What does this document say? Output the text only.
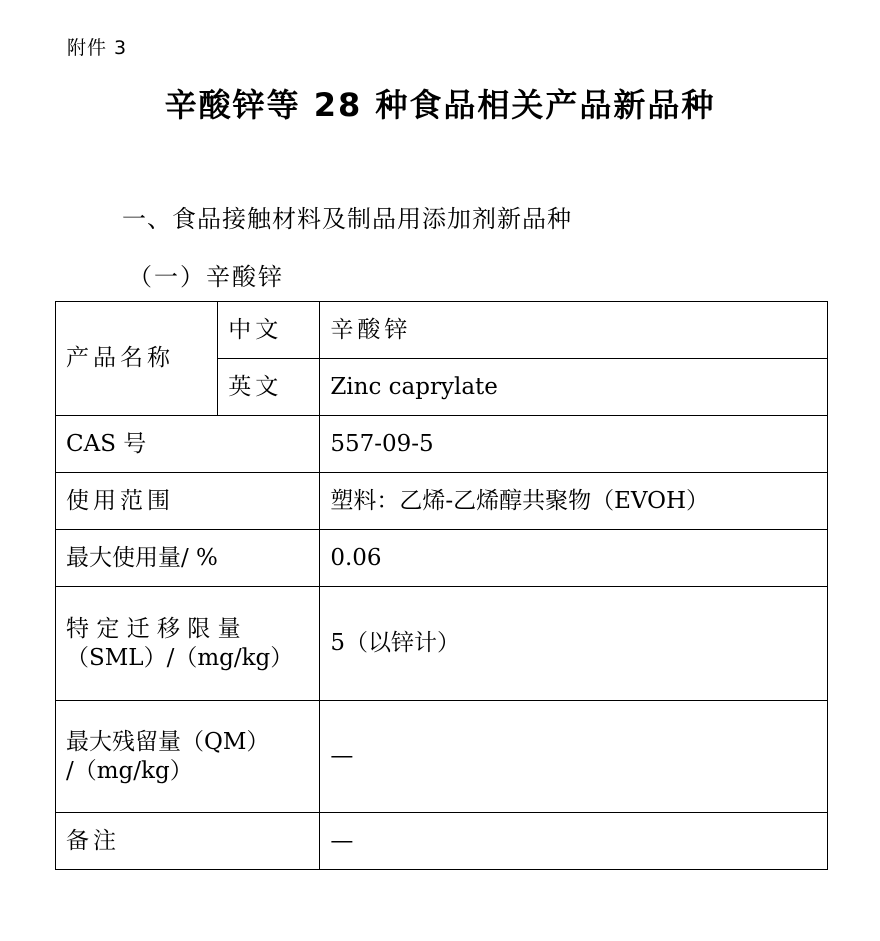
附件 3
辛酸锌等 28 种食品相关产品新品种
一、食品接触材料及制品用添加剂新品种
（一）辛酸锌
产品名称	中文	辛酸锌
	英文	Zinc caprylate
CAS 号		557-09-5
使用范围		塑料：乙烯-乙烯醇共聚物（EVOH）
最大使用量/ %		0.06

特 定 迁 移 限 量
（SML）/（mg/kg）		5（以锌计）

最大残留量（QM）
/（mg/kg）		—
备注		—
